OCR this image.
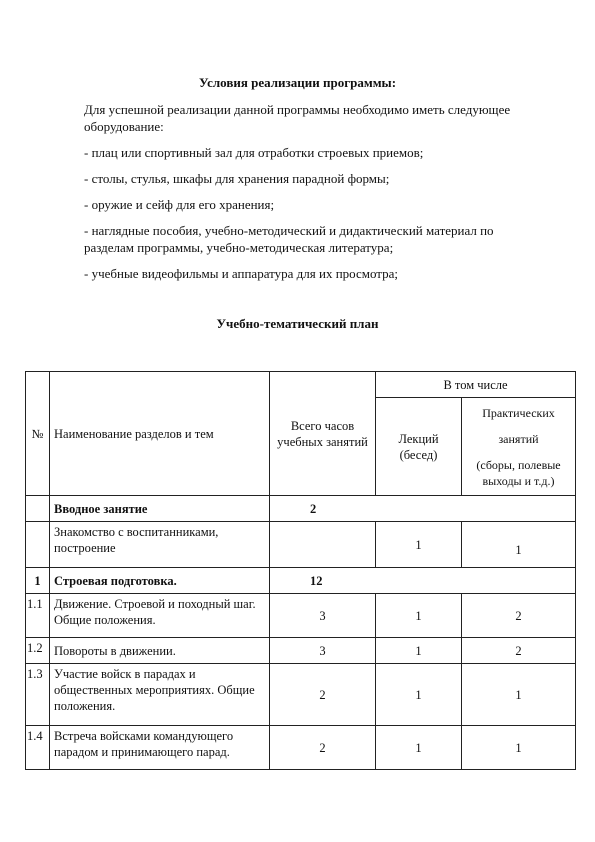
Условия реализации программы:

Для успешной реализации данной программы необходимо иметь следующее оборудование:

- плац или спортивный зал для отработки строевых приемов;

- столы, стулья, шкафы для хранения парадной формы;

- оружие и сейф для его хранения;

- наглядные пособия, учебно-методический и дидактический материал по разделам программы, учебно-методическая литература;

- учебные видеофильмы и аппаратура для их просмотра;

Учебно-тематический план
№	Наименование разделов и тем	Всего часов учебных занятий	В том числе	
			Лекций (бесед)	Практических
занятий
(сборы, полевые выходы и т.д.)

	Вводное занятие	2		
	Знакомство с воспитанниками, построение		1	1
1	Строевая подготовка.	12		
1.1	Движение. Строевой и походный шаг. Общие положения.	3	1	2
1.2	Повороты в движении.	3	1	2
1.3	Участие войск в парадах и общественных мероприятиях. Общие положения.	2	1	1
1.4	Встреча войсками командующего парадом и принимающего парад.	2	1	1
